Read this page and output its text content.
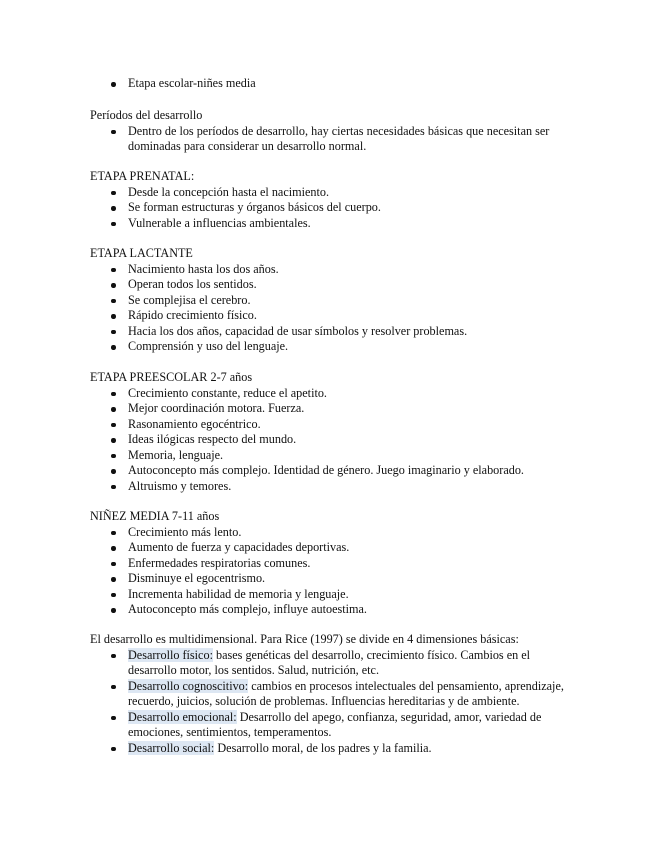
Etapa escolar-niñes media

Períodos del desarrollo

Dentro de los períodos de desarrollo, hay ciertas necesidades básicas que necesitan ser dominadas para considerar un desarrollo normal.

ETAPA PRENATAL:

Desde la concepción hasta el nacimiento.
Se forman estructuras y órganos básicos del cuerpo.
Vulnerable a influencias ambientales.

ETAPA LACTANTE

Nacimiento hasta los dos años.
Operan todos los sentidos.
Se complejisa el cerebro.
Rápido crecimiento físico.
Hacia los dos años, capacidad de usar símbolos y resolver problemas.
Comprensión y uso del lenguaje.

ETAPA PREESCOLAR 2-7 años

Crecimiento constante, reduce el apetito.
Mejor coordinación motora. Fuerza.
Rasonamiento egocéntrico.
Ideas ilógicas respecto del mundo.
Memoria, lenguaje.
Autoconcepto más complejo. Identidad de género. Juego imaginario y elaborado.
Altruismo y temores.

NIÑEZ MEDIA 7-11 años

Crecimiento más lento.
Aumento de fuerza y capacidades deportivas.
Enfermedades respiratorias comunes.
Disminuye el egocentrismo.
Incrementa habilidad de memoria y lenguaje.
Autoconcepto más complejo, influye autoestima.

El desarrollo es multidimensional. Para Rice (1997) se divide en 4 dimensiones básicas:

Desarrollo físico: bases genéticas del desarrollo, crecimiento físico. Cambios en el desarrollo motor, los sentidos. Salud, nutrición, etc.
Desarrollo cognoscitivo: cambios en procesos intelectuales del pensamiento, aprendizaje, recuerdo, juicios, solución de problemas. Influencias hereditarias y de ambiente.
Desarrollo emocional: Desarrollo del apego, confianza, seguridad, amor, variedad de emociones, sentimientos, temperamentos.
Desarrollo social: Desarrollo moral, de los padres y la familia.
